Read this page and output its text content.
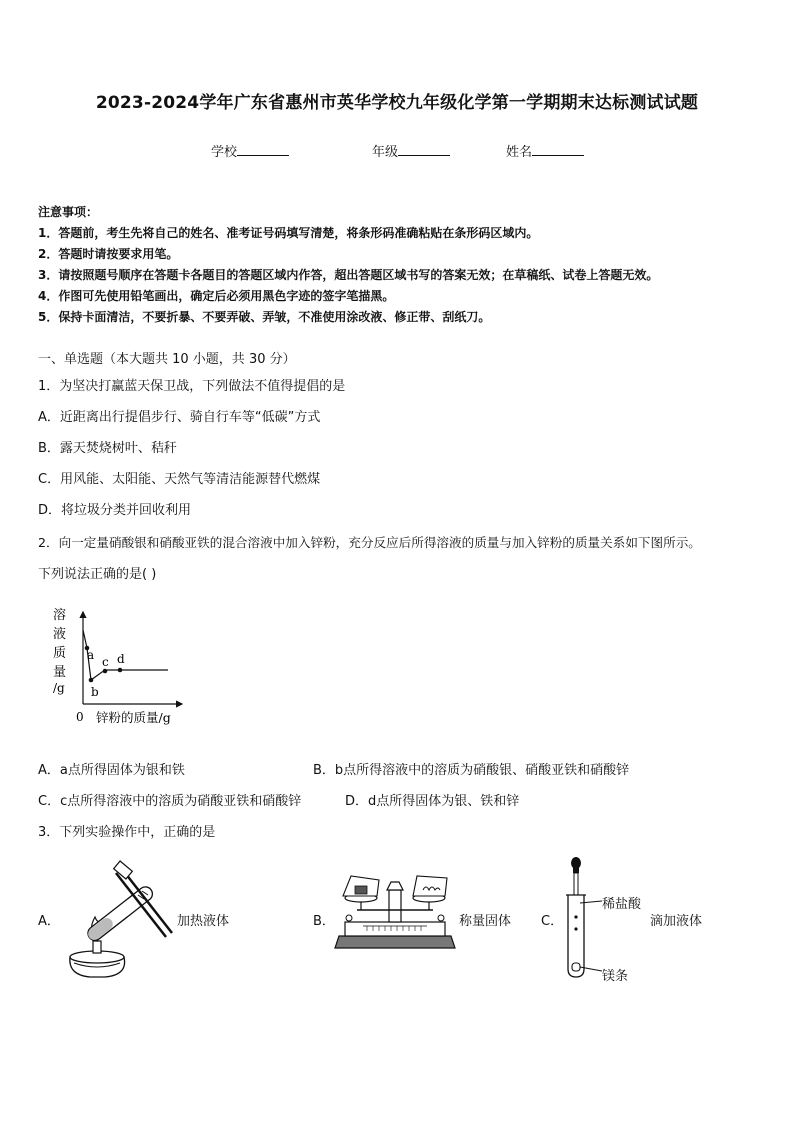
2023-2024学年广东省惠州市英华学校九年级化学第一学期期末达标测试试题
学校	年级	姓名
注意事项：
1．答题前，考生先将自己的姓名、准考证号码填写清楚，将条形码准确粘贴在条形码区域内。
2．答题时请按要求用笔。
3．请按照题号顺序在答题卡各题目的答题区域内作答，超出答题区域书写的答案无效；在草稿纸、试卷上答题无效。
4．作图可先使用铅笔画出，确定后必须用黑色字迹的签字笔描黑。
5．保持卡面清洁，不要折暴、不要弄破、弄皱，不准使用涂改液、修正带、刮纸刀。
一、单选题（本大题共 10 小题，共 30 分）
1．为坚决打赢蓝天保卫战，下列做法不值得提倡的是
A．近距离出行提倡步行、骑自行车等“低碳”方式
B．露天焚烧树叶、秸秆
C．用风能、太阳能、天然气等清洁能源替代燃煤
D．将垃圾分类并回收利用
2．向一定量硝酸银和硝酸亚铁的混合溶液中加入锌粉，充分反应后所得溶液的质量与加入锌粉的质量关系如下图所示。
下列说法正确的是( )
a
b
c d
溶
液
质
量
/g
0 锌粉的质量/g
A．a点所得固体为银和铁	B．b点所得溶液中的溶质为硝酸银、硝酸亚铁和硝酸锌
C．c点所得溶液中的溶质为硝酸亚铁和硝酸锌	D．d点所得固体为银、铁和锌
3．下列实验操作中，正确的是
A．	加热液体	B．	称量固体 C．
稀盐酸
镁条
滴加液体
